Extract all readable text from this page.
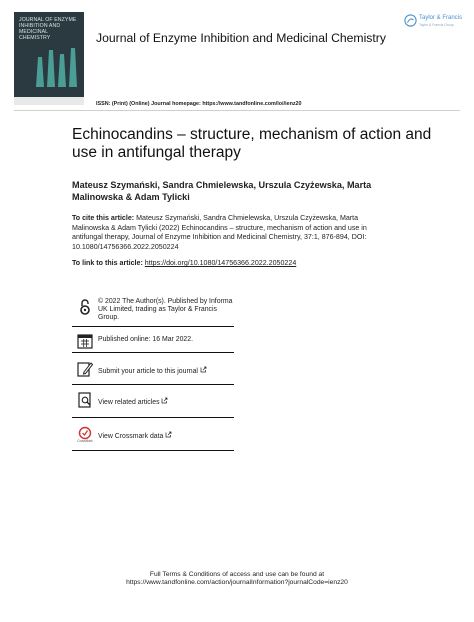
JOURNAL OF ENZYME
INHIBITION AND
MEDICINAL CHEMISTRY	Journal of Enzyme Inhibition and Medicinal Chemistry
Taylor & Francis
Taylor & Francis Group
ISSN: (Print) (Online) Journal homepage: https://www.tandfonline.com/loi/ienz20
Echinocandins – structure, mechanism of action and use in antifungal therapy
Mateusz Szymański, Sandra Chmielewska, Urszula Czyżewska, Marta Malinowska & Adam Tylicki
To cite this article: Mateusz Szymański, Sandra Chmielewska, Urszula Czyżewska, Marta Malinowska & Adam Tylicki (2022) Echinocandins – structure, mechanism of action and use in antifungal therapy, Journal of Enzyme Inhibition and Medicinal Chemistry, 37:1, 876-894, DOI: 10.1080/14756366.2022.2050224
To link to this article: https://doi.org/10.1080/14756366.2022.2050224
© 2022 The Author(s). Published by Informa UK Limited, trading as Taylor & Francis Group.
Published online: 16 Mar 2022.
Submit your article to this journal
View related articles
CrossMark
View Crossmark data
Full Terms & Conditions of access and use can be found at
https://www.tandfonline.com/action/journalInformation?journalCode=ienz20
